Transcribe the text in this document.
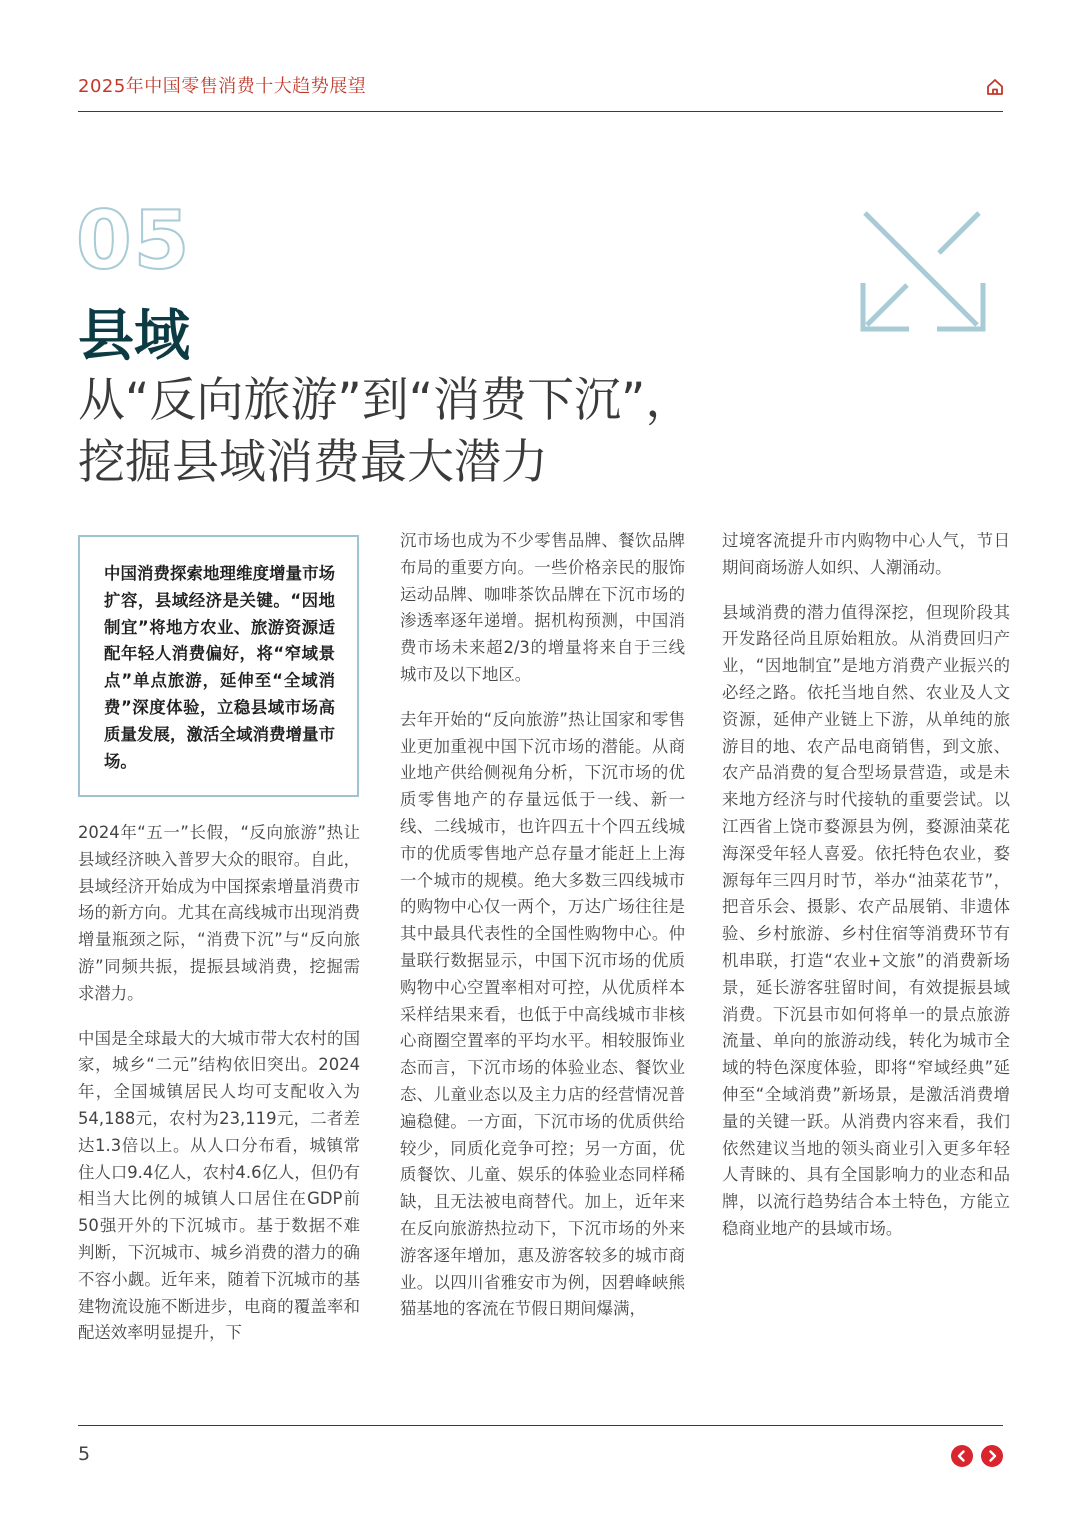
2025年中国零售消费十大趋势展望
05
县域
从“反向旅游”到“消费下沉”，
挖掘县域消费最大潜力
中国消费探索地理维度增量市场扩容，县域经济是关键。“因地制宜”将地方农业、旅游资源适配年轻人消费偏好，将“窄域景点”单点旅游，延伸至“全域消费”深度体验，立稳县域市场高质量发展，激活全域消费增量市场。

2024年“五一”长假，“反向旅游”热让县域经济映入普罗大众的眼帘。自此，县域经济开始成为中国探索增量消费市场的新方向。尤其在高线城市出现消费增量瓶颈之际，“消费下沉”与“反向旅游”同频共振，提振县域消费，挖掘需求潜力。

中国是全球最大的大城市带大农村的国家，城乡“二元”结构依旧突出。2024年，全国城镇居民人均可支配收入为54,188元，农村为23,119元，二者差达1.3倍以上。从人口分布看，城镇常住人口9.4亿人，农村4.6亿人，但仍有相当大比例的城镇人口居住在GDP前50强开外的下沉城市。基于数据不难判断，下沉城市、城乡消费的潜力的确不容小觑。近年来，随着下沉城市的基建物流设施不断进步，电商的覆盖率和配送效率明显提升，下

沉市场也成为不少零售品牌、餐饮品牌布局的重要方向。一些价格亲民的服饰运动品牌、咖啡茶饮品牌在下沉市场的渗透率逐年递增。据机构预测，中国消费市场未来超2/3的增量将来自于三线城市及以下地区。

去年开始的“反向旅游”热让国家和零售业更加重视中国下沉市场的潜能。从商业地产供给侧视角分析，下沉市场的优质零售地产的存量远低于一线、新一线、二线城市，也许四五十个四五线城市的优质零售地产总存量才能赶上上海一个城市的规模。绝大多数三四线城市的购物中心仅一两个，万达广场往往是其中最具代表性的全国性购物中心。仲量联行数据显示，中国下沉市场的优质购物中心空置率相对可控，从优质样本采样结果来看，也低于中高线城市非核心商圈空置率的平均水平。相较服饰业态而言，下沉市场的体验业态、餐饮业态、儿童业态以及主力店的经营情况普遍稳健。一方面，下沉市场的优质供给较少，同质化竞争可控；另一方面，优质餐饮、儿童、娱乐的体验业态同样稀缺，且无法被电商替代。加上，近年来在反向旅游热拉动下，下沉市场的外来游客逐年增加，惠及游客较多的城市商业。以四川省雅安市为例，因碧峰峡熊猫基地的客流在节假日期间爆满，

过境客流提升市内购物中心人气，节日期间商场游人如织、人潮涌动。

县域消费的潜力值得深挖，但现阶段其开发路径尚且原始粗放。从消费回归产业，“因地制宜”是地方消费产业振兴的必经之路。依托当地自然、农业及人文资源，延伸产业链上下游，从单纯的旅游目的地、农产品电商销售，到文旅、农产品消费的复合型场景营造，或是未来地方经济与时代接轨的重要尝试。以江西省上饶市婺源县为例，婺源油菜花海深受年轻人喜爱。依托特色农业，婺源每年三四月时节，举办“油菜花节”，把音乐会、摄影、农产品展销、非遗体验、乡村旅游、乡村住宿等消费环节有机串联，打造“农业+文旅”的消费新场景，延长游客驻留时间，有效提振县域消费。下沉县市如何将单一的景点旅游流量、单向的旅游动线，转化为城市全域的特色深度体验，即将“窄域经典”延伸至“全域消费”新场景，是激活消费增量的关键一跃。从消费内容来看，我们依然建议当地的领头商业引入更多年轻人青睐的、具有全国影响力的业态和品牌，以流行趋势结合本土特色，方能立稳商业地产的县域市场。

5
